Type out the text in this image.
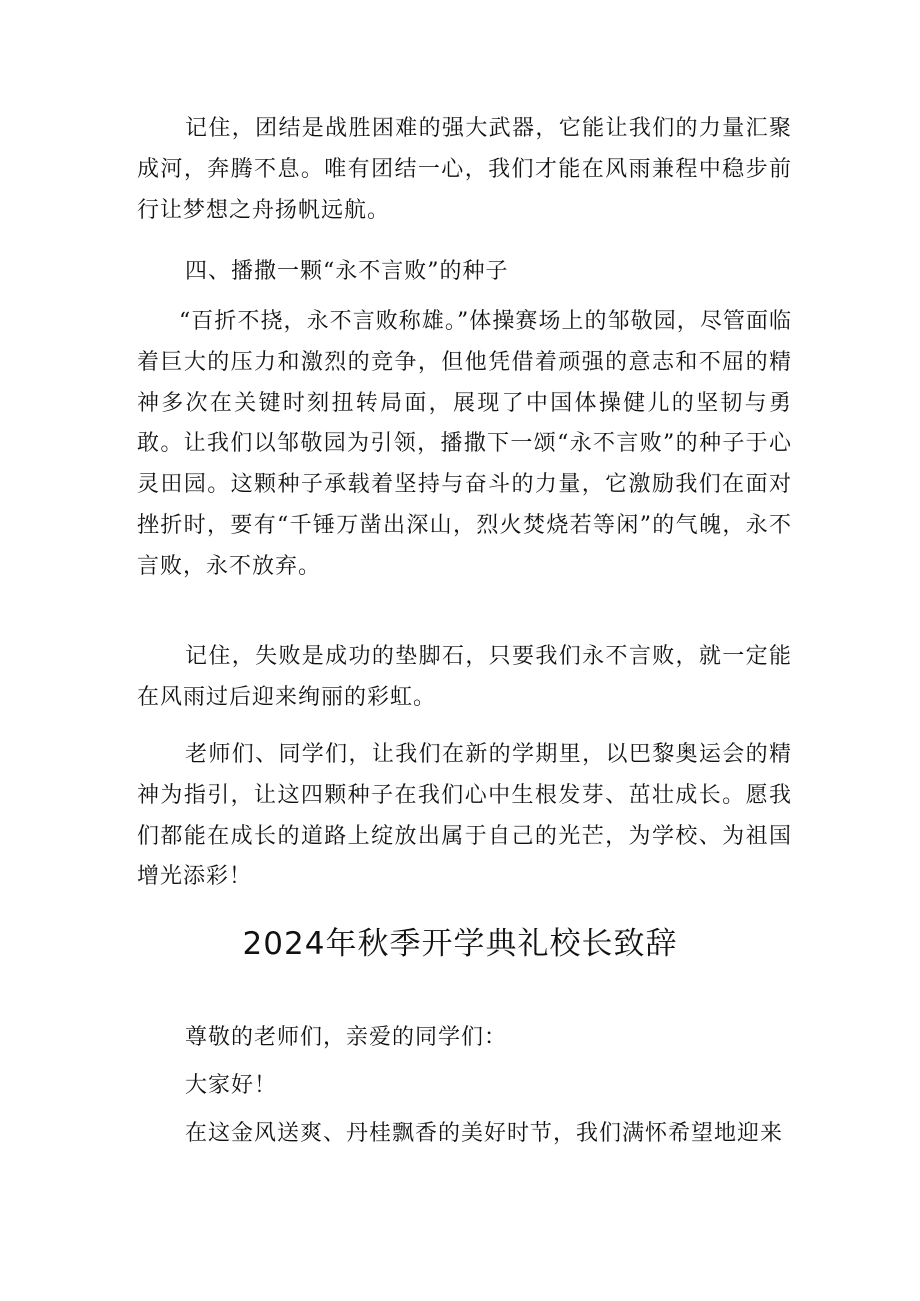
记住，团结是战胜困难的强大武器，它能让我们的力量汇聚成河，奔腾不息。唯有团结一心，我们才能在风雨兼程中稳步前行让梦想之舟扬帆远航。

四、播撒一颗“永不言败”的种子

“百折不挠，永不言败称雄。”体操赛场上的邹敬园，尽管面临着巨大的压力和激烈的竞争，但他凭借着顽强的意志和不屈的精神多次在关键时刻扭转局面，展现了中国体操健儿的坚韧与勇敢。让我们以邹敬园为引领，播撒下一颂“永不言败”的种子于心灵田园。这颗种子承载着坚持与奋斗的力量，它激励我们在面对挫折时，要有“千锤万凿出深山，烈火焚烧若等闲”的气魄，永不言败，永不放弃。

记住，失败是成功的垫脚石，只要我们永不言败，就一定能在风雨过后迎来绚丽的彩虹。

老师们、同学们，让我们在新的学期里，以巴黎奥运会的精神为指引，让这四颗种子在我们心中生根发芽、茁壮成长。愿我们都能在成长的道路上绽放出属于自己的光芒，为学校、为祖国增光添彩！

2024年秋季开学典礼校长致辞

尊敬的老师们，亲爱的同学们：

大家好！

在这金风送爽、丹桂飘香的美好时节，我们满怀希望地迎来
